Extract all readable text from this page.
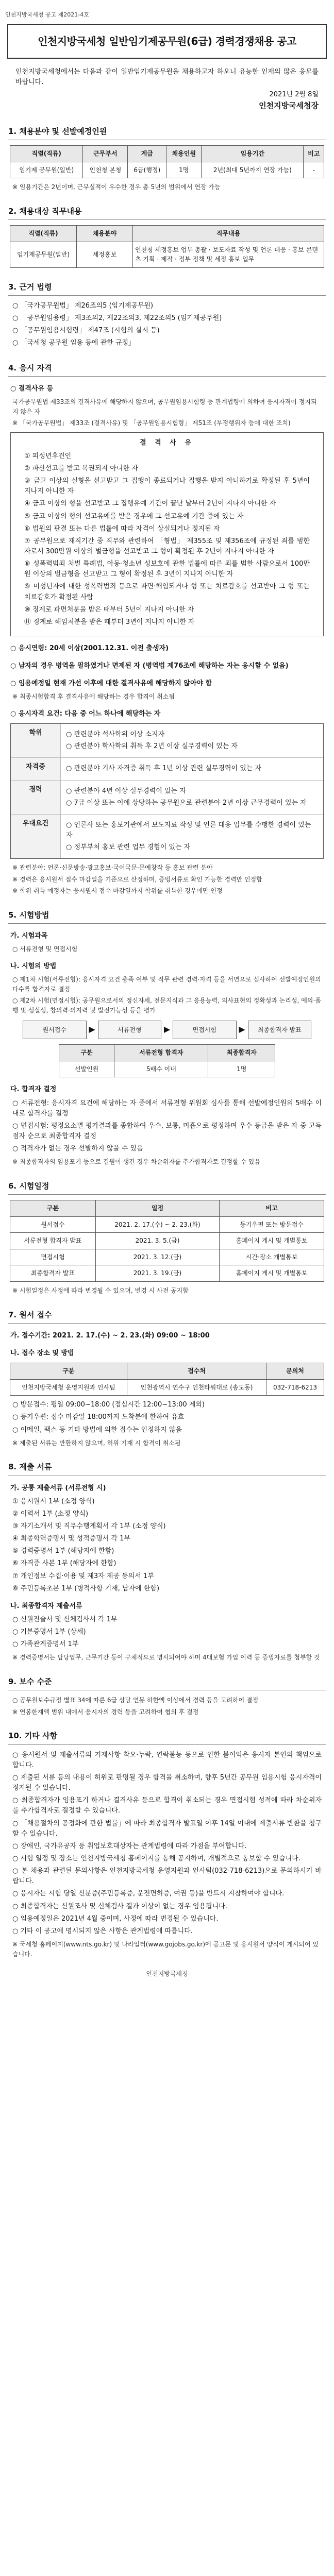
인천지방국세청 공고 제2021-4호
인천지방국세청 일반임기제공무원(6급) 경력경쟁채용 공고
인천지방국세청에서는 다음과 같이 일반임기제공무원을 채용하고자 하오니 유능한 인재의 많은 응모를 바랍니다.
2021년 2월 8일
인천지방국세청장
1. 채용분야 및 선발예정인원
직렬(직류)	근무부서	계급	채용인원	임용기간	비고
임기제 공무원(일반)	인천청 본청	6급(행정)	1명	2년(최대 5년까지 연장 가능)	-
※ 임용기간은 2년이며, 근무실적이 우수한 경우 총 5년의 범위에서 연장 가능
2. 채용대상 직무내용
직렬(직류)	채용분야	직무내용
임기제공무원(일반)	세정홍보	인천청 세정홍보 업무 총괄 · 보도자료 작성 및 언론 대응 · 홍보 콘텐츠 기획 · 제작 · 정부 정책 및 세정 홍보 업무
3. 근거 법령
○ 「국가공무원법」 제26조의5 (임기제공무원)
○ 「공무원임용령」 제3조의2, 제22조의3, 제22조의5 (임기제공무원)
○ 「공무원임용시험령」 제47조 (시험의 실시 등)
○ 「국세청 공무원 임용 등에 관한 규정」
4. 응시 자격
○ 결격사유 등
국가공무원법 제33조의 결격사유에 해당하지 않으며, 공무원임용시험령 등 관계법령에 의하여 응시자격이 정지되지 않은 자
※ 「국가공무원법」 제33조 (결격사유) 및 「공무원임용시험령」 제51조 (부정행위자 등에 대한 조치)
결 격 사 유
① 피성년후견인
② 파산선고를 받고 복권되지 아니한 자
③ 금고 이상의 실형을 선고받고 그 집행이 종료되거나 집행을 받지 아니하기로 확정된 후 5년이 지나지 아니한 자
④ 금고 이상의 형을 선고받고 그 집행유예 기간이 끝난 날부터 2년이 지나지 아니한 자
⑤ 금고 이상의 형의 선고유예를 받은 경우에 그 선고유예 기간 중에 있는 자
⑥ 법원의 판결 또는 다른 법률에 따라 자격이 상실되거나 정지된 자
⑦ 공무원으로 재직기간 중 직무와 관련하여 「형법」 제355조 및 제356조에 규정된 죄를 범한 자로서 300만원 이상의 벌금형을 선고받고 그 형이 확정된 후 2년이 지나지 아니한 자
⑧ 성폭력범죄 처벌 특례법, 아동·청소년 성보호에 관한 법률에 따른 죄를 범한 사람으로서 100만원 이상의 벌금형을 선고받고 그 형이 확정된 후 3년이 지나지 아니한 자
⑨ 미성년자에 대한 성폭력범죄 등으로 파면·해임되거나 형 또는 치료감호를 선고받아 그 형 또는 치료감호가 확정된 사람
⑩ 징계로 파면처분을 받은 때부터 5년이 지나지 아니한 자
⑪ 징계로 해임처분을 받은 때부터 3년이 지나지 아니한 자
○ 응시연령: 20세 이상(2001.12.31. 이전 출생자)
○ 남자의 경우 병역을 필하였거나 면제된 자 (병역법 제76조에 해당하는 자는 응시할 수 없음)
○ 임용예정일 현재 가선 이후에 대한 결격사유에 해당하지 않아야 함
※ 최종시험합격 후 결격사유에 해당하는 경우 합격이 취소됨
○ 응시자격 요건: 다음 중 어느 하나에 해당하는 자
학위	○ 관련분야 석사학위 이상 소지자

○ 관련분야 학사학위 취득 후 2년 이상 실무경력이 있는 자

자격증	○ 관련분야 기사 자격증 취득 후 1년 이상 관련 실무경력이 있는 자

경력	○ 관련분야 4년 이상 실무경력이 있는 자

○ 7급 이상 또는 이에 상당하는 공무원으로 관련분야 2년 이상 근무경력이 있는 자

우대요건	○ 언론사 또는 홍보기관에서 보도자료 작성 및 언론 대응 업무를 수행한 경력이 있는 자

○ 정부부처 홍보 관련 업무 경험이 있는 자

※ 관련분야: 언론·신문방송·광고홍보·국어국문·문예창작 등 홍보 관련 분야
※ 경력은 응시원서 접수 마감일을 기준으로 산정하며, 증빙서류로 확인 가능한 경력만 인정함
※ 학위 취득 예정자는 응시원서 접수 마감일까지 학위를 취득한 경우에만 인정
5. 시험방법
가. 시험과목
○ 서류전형 및 면접시험
나. 시험의 방법
○ 제1차 시험(서류전형): 응시자격 요건 충족 여부 및 직무 관련 경력·자격 등을 서면으로 심사하여 선발예정인원의 다수를 합격자로 결정
○ 제2차 시험(면접시험): 공무원으로서의 정신자세, 전문지식과 그 응용능력, 의사표현의 정확성과 논리성, 예의·품행 및 성실성, 창의력·의지력 및 발전가능성 등을 평가
원서접수	▶	서류전형	▶	면접시험	▶	최종합격자 발표
구분	서류전형 합격자	최종합격자
선발인원	5배수 이내	1명
다. 합격자 결정
○ 서류전형: 응시자격 요건에 해당하는 자 중에서 서류전형 위원회 심사를 통해 선발예정인원의 5배수 이내로 합격자를 결정
○ 면접시험: 평정요소별 평가결과를 종합하여 우수, 보통, 미흡으로 평정하며 우수 등급을 받은 자 중 고득점자 순으로 최종합격자 결정
○ 적격자가 없는 경우 선발하지 않을 수 있음
※ 최종합격자의 임용포기 등으로 결원이 생긴 경우 차순위자를 추가합격자로 결정할 수 있음
6. 시험일정
구분	일정	비고
원서접수	2021. 2. 17.(수) ~ 2. 23.(화)	등기우편 또는 방문접수
서류전형 합격자 발표	2021. 3. 5.(금)	홈페이지 게시 및 개별통보
면접시험	2021. 3. 12.(금)	시간·장소 개별통보
최종합격자 발표	2021. 3. 19.(금)	홈페이지 게시 및 개별통보
※ 시험일정은 사정에 따라 변경될 수 있으며, 변경 시 사전 공지함
7. 원서 접수
가. 접수기간: 2021. 2. 17.(수) ~ 2. 23.(화) 09:00 ~ 18:00
나. 접수 장소 및 방법
구분	접수처	문의처
인천지방국세청 운영지원과 인사팀	인천광역시 연수구 인천타워대로 (송도동)	032-718-6213
○ 방문접수: 평일 09:00~18:00 (점심시간 12:00~13:00 제외)
○ 등기우편: 접수 마감일 18:00까지 도착분에 한하여 유효
○ 이메일, 팩스 등 기타 방법에 의한 접수는 인정하지 않음
※ 제출된 서류는 반환하지 않으며, 허위 기재 시 합격이 취소됨
8. 제출 서류
가. 공통 제출서류 (서류전형 시)
① 응시원서 1부 (소정 양식)
② 이력서 1부 (소정 양식)
③ 자기소개서 및 직무수행계획서 각 1부 (소정 양식)
④ 최종학력증명서 및 성적증명서 각 1부
⑤ 경력증명서 1부 (해당자에 한함)
⑥ 자격증 사본 1부 (해당자에 한함)
⑦ 개인정보 수집·이용 및 제3자 제공 동의서 1부
⑧ 주민등록초본 1부 (병적사항 기재, 남자에 한함)
나. 최종합격자 제출서류
○ 신원진술서 및 신체검사서 각 1부
○ 기본증명서 1부 (상세)
○ 가족관계증명서 1부
※ 경력증명서는 담당업무, 근무기간 등이 구체적으로 명시되어야 하며 4대보험 가입 이력 등 증빙자료를 첨부할 것
9. 보수 수준
○ 공무원보수규정 별표 34에 따른 6급 상당 연봉 하한액 이상에서 경력 등을 고려하여 결정
※ 연봉한계액 범위 내에서 응시자의 경력 등을 고려하여 협의 후 결정
10. 기타 사항
○ 응시원서 및 제출서류의 기재사항 착오·누락, 연락불능 등으로 인한 불이익은 응시자 본인의 책임으로 합니다.
○ 제출된 서류 등의 내용이 허위로 판명될 경우 합격을 취소하며, 향후 5년간 공무원 임용시험 응시자격이 정지될 수 있습니다.
○ 최종합격자가 임용포기 하거나 결격사유 등으로 합격이 취소되는 경우 면접시험 성적에 따라 차순위자를 추가합격자로 결정할 수 있습니다.
○ 「채용절차의 공정화에 관한 법률」에 따라 최종합격자 발표일 이후 14일 이내에 제출서류 반환을 청구할 수 있습니다.
○ 장애인, 국가유공자 등 취업보호대상자는 관계법령에 따라 가점을 부여합니다.
○ 시험 일정 및 장소는 인천지방국세청 홈페이지를 통해 공지하며, 개별적으로 통보할 수 있습니다.
○ 본 채용과 관련된 문의사항은 인천지방국세청 운영지원과 인사팀(032-718-6213)으로 문의하시기 바랍니다.
○ 응시자는 시험 당일 신분증(주민등록증, 운전면허증, 여권 등)을 반드시 지참하여야 합니다.
○ 최종합격자는 신원조사 및 신체검사 결과 이상이 없는 경우 임용됩니다.
○ 임용예정일은 2021년 4월 중이며, 사정에 따라 변경될 수 있습니다.
○ 기타 이 공고에 명시되지 않은 사항은 관계법령에 따릅니다.
※ 국세청 홈페이지(www.nts.go.kr) 및 나라일터(www.gojobs.go.kr)에 공고문 및 응시원서 양식이 게시되어 있습니다.
인천지방국세청
